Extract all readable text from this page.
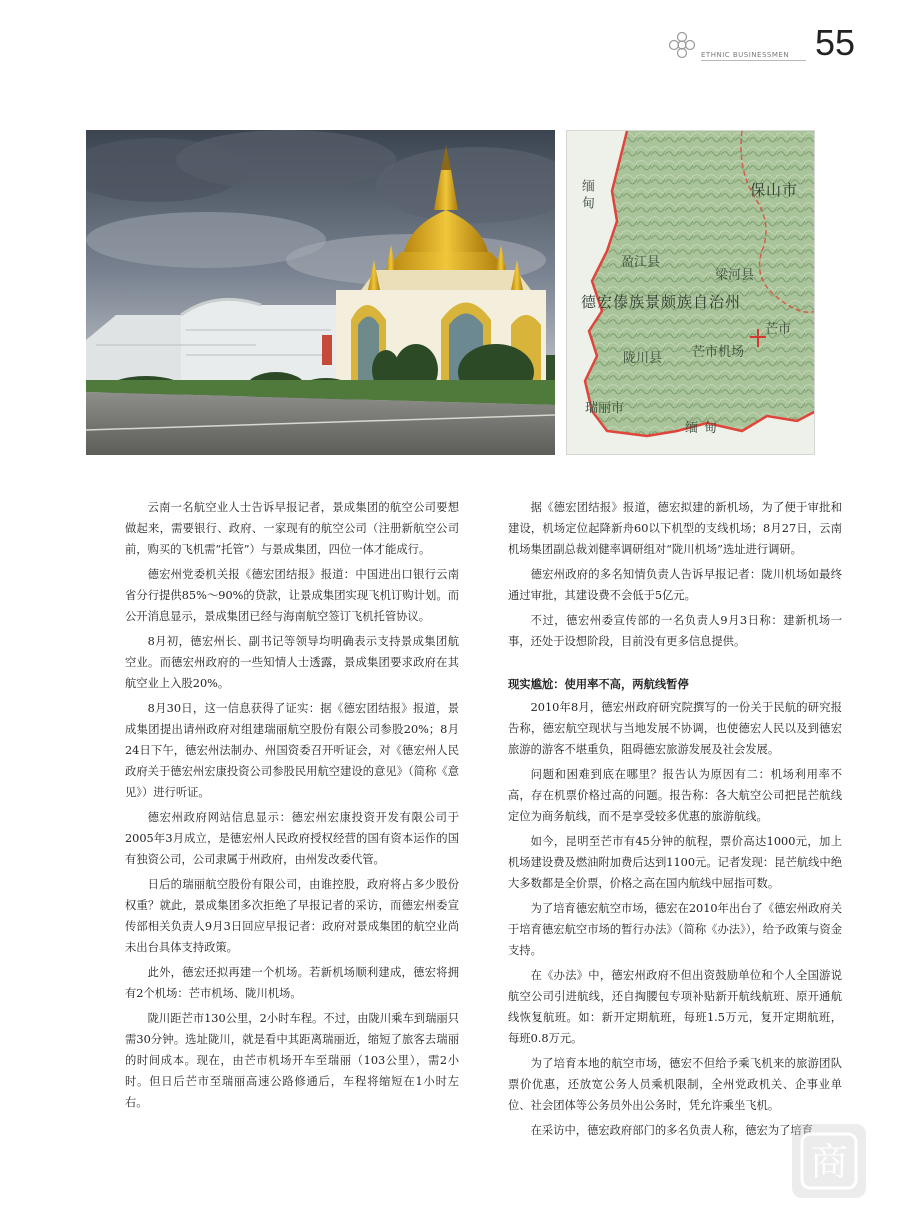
ETHNIC BUSINESSMEN 55
缅甸	保山市
盈江县
梁河县
德宏傣族景颇族自治州
芒市
陇川县 芒市机场
瑞丽市
缅甸

云南一名航空业人士告诉早报记者，景成集团的航空公司要想做起来，需要银行、政府、一家现有的航空公司（注册新航空公司前，购买的飞机需“托管”）与景成集团，四位一体才能成行。

德宏州党委机关报《德宏团结报》报道：中国进出口银行云南省分行提供85%～90%的贷款，让景成集团实现飞机订购计划。而公开消息显示，景成集团已经与海南航空签订飞机托管协议。

8月初，德宏州长、副书记等领导均明确表示支持景成集团航空业。而德宏州政府的一些知情人士透露，景成集团要求政府在其航空业上入股20%。

8月30日，这一信息获得了证实：据《德宏团结报》报道，景成集团提出请州政府对组建瑞丽航空股份有限公司参股20%；8月24日下午，德宏州法制办、州国资委召开听证会，对《德宏州人民政府关于德宏州宏康投资公司参股民用航空建设的意见》（简称《意见》）进行听证。

德宏州政府网站信息显示：德宏州宏康投资开发有限公司于2005年3月成立，是德宏州人民政府授权经营的国有资本运作的国有独资公司，公司隶属于州政府，由州发改委代管。

日后的瑞丽航空股份有限公司，由谁控股，政府将占多少股份权重？就此，景成集团多次拒绝了早报记者的采访，而德宏州委宣传部相关负责人9月3日回应早报记者：政府对景成集团的航空业尚未出台具体支持政策。

此外，德宏还拟再建一个机场。若新机场顺利建成，德宏将拥有2个机场：芒市机场、陇川机场。

陇川距芒市130公里，2小时车程。不过，由陇川乘车到瑞丽只需30分钟。选址陇川，就是看中其距离瑞丽近，缩短了旅客去瑞丽的时间成本。现在，由芒市机场开车至瑞丽（103公里），需2小时。但日后芒市至瑞丽高速公路修通后，车程将缩短在1小时左右。

据《德宏团结报》报道，德宏拟建的新机场，为了便于审批和建设，机场定位起降新舟60以下机型的支线机场；8月27日，云南机场集团副总裁刘健率调研组对“陇川机场”选址进行调研。

德宏州政府的多名知情负责人告诉早报记者：陇川机场如最终通过审批，其建设费不会低于5亿元。

不过，德宏州委宣传部的一名负责人9月3日称：建新机场一事，还处于设想阶段，目前没有更多信息提供。

现实尴尬：使用率不高，两航线暂停

2010年8月，德宏州政府研究院撰写的一份关于民航的研究报告称，德宏航空现状与当地发展不协调，也使德宏人民以及到德宏旅游的游客不堪重负，阻碍德宏旅游发展及社会发展。

问题和困难到底在哪里？报告认为原因有二：机场利用率不高，存在机票价格过高的问题。报告称：各大航空公司把昆芒航线定位为商务航线，而不是享受较多优惠的旅游航线。

如今，昆明至芒市有45分钟的航程，票价高达1000元，加上机场建设费及燃油附加费后达到1100元。记者发现：昆芒航线中绝大多数都是全价票，价格之高在国内航线中屈指可数。

为了培育德宏航空市场，德宏在2010年出台了《德宏州政府关于培育德宏航空市场的暂行办法》（简称《办法》），给予政策与资金支持。

在《办法》中，德宏州政府不但出资鼓励单位和个人全国游说航空公司引进航线，还自掏腰包专项补贴新开航线航班、原开通航线恢复航班。如：新开定期航班，每班1.5万元，复开定期航班，每班0.8万元。

为了培育本地的航空市场，德宏不但给予乘飞机来的旅游团队票价优惠，还放宽公务人员乘机限制，全州党政机关、企事业单位、社会团体等公务员外出公务时，凭允许乘坐飞机。

在采访中，德宏政府部门的多名负责人称，德宏为了培育

商
